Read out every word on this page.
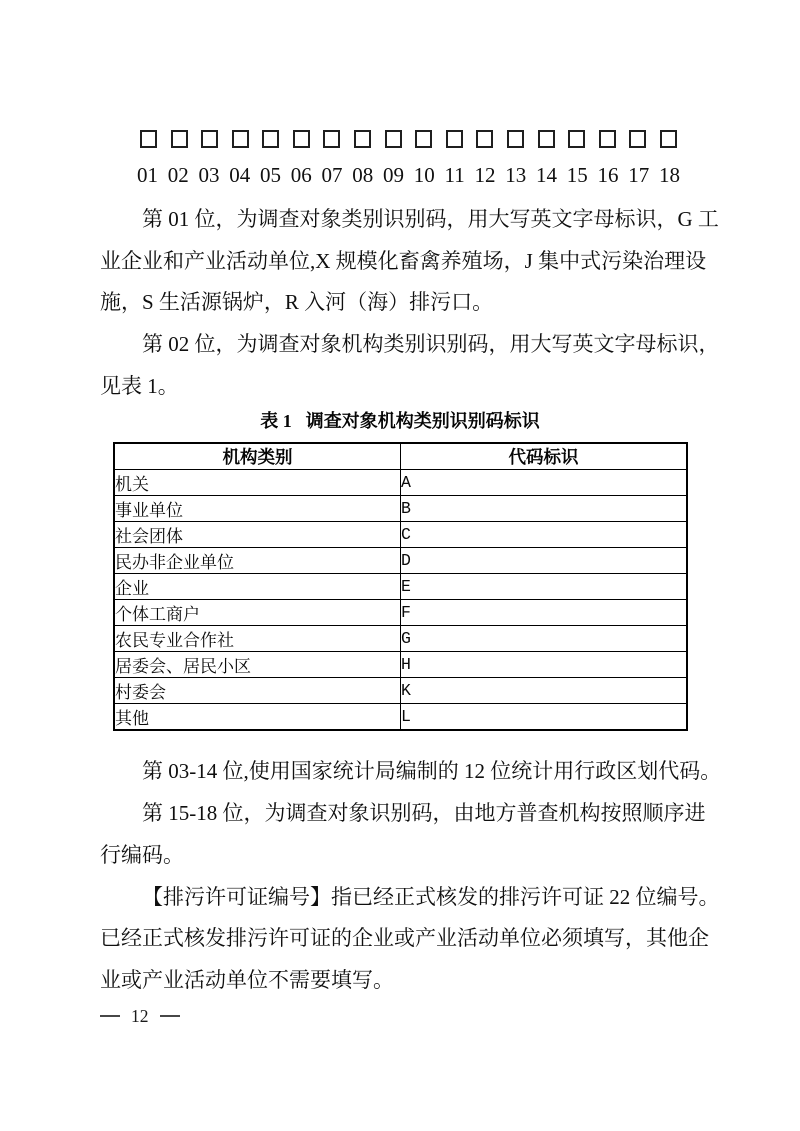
01 02 03 04 05 06 07 08 09 10 11 12 13 14 15 16 17 18
第 01 位，为调查对象类别识别码，用大写英文字母标识，G 工
业企业和产业活动单位,X 规模化畜禽养殖场，J 集中式污染治理设
施，S 生活源锅炉，R 入河（海）排污口。
第 02 位，为调查对象机构类别识别码，用大写英文字母标识，
见表 1。
表 1 调查对象机构类别识别码标识
机构类别	代码标识
机关	A
事业单位	B
社会团体	C
民办非企业单位	D
企业	E
个体工商户	F
农民专业合作社	G
居委会、居民小区	H
村委会	K
其他	L
第 03-14 位,使用国家统计局编制的 12 位统计用行政区划代码。
第 15-18 位，为调查对象识别码，由地方普查机构按照顺序进
行编码。
【排污许可证编号】指已经正式核发的排污许可证 22 位编号。
已经正式核发排污许可证的企业或产业活动单位必须填写，其他企
业或产业活动单位不需要填写。
12
